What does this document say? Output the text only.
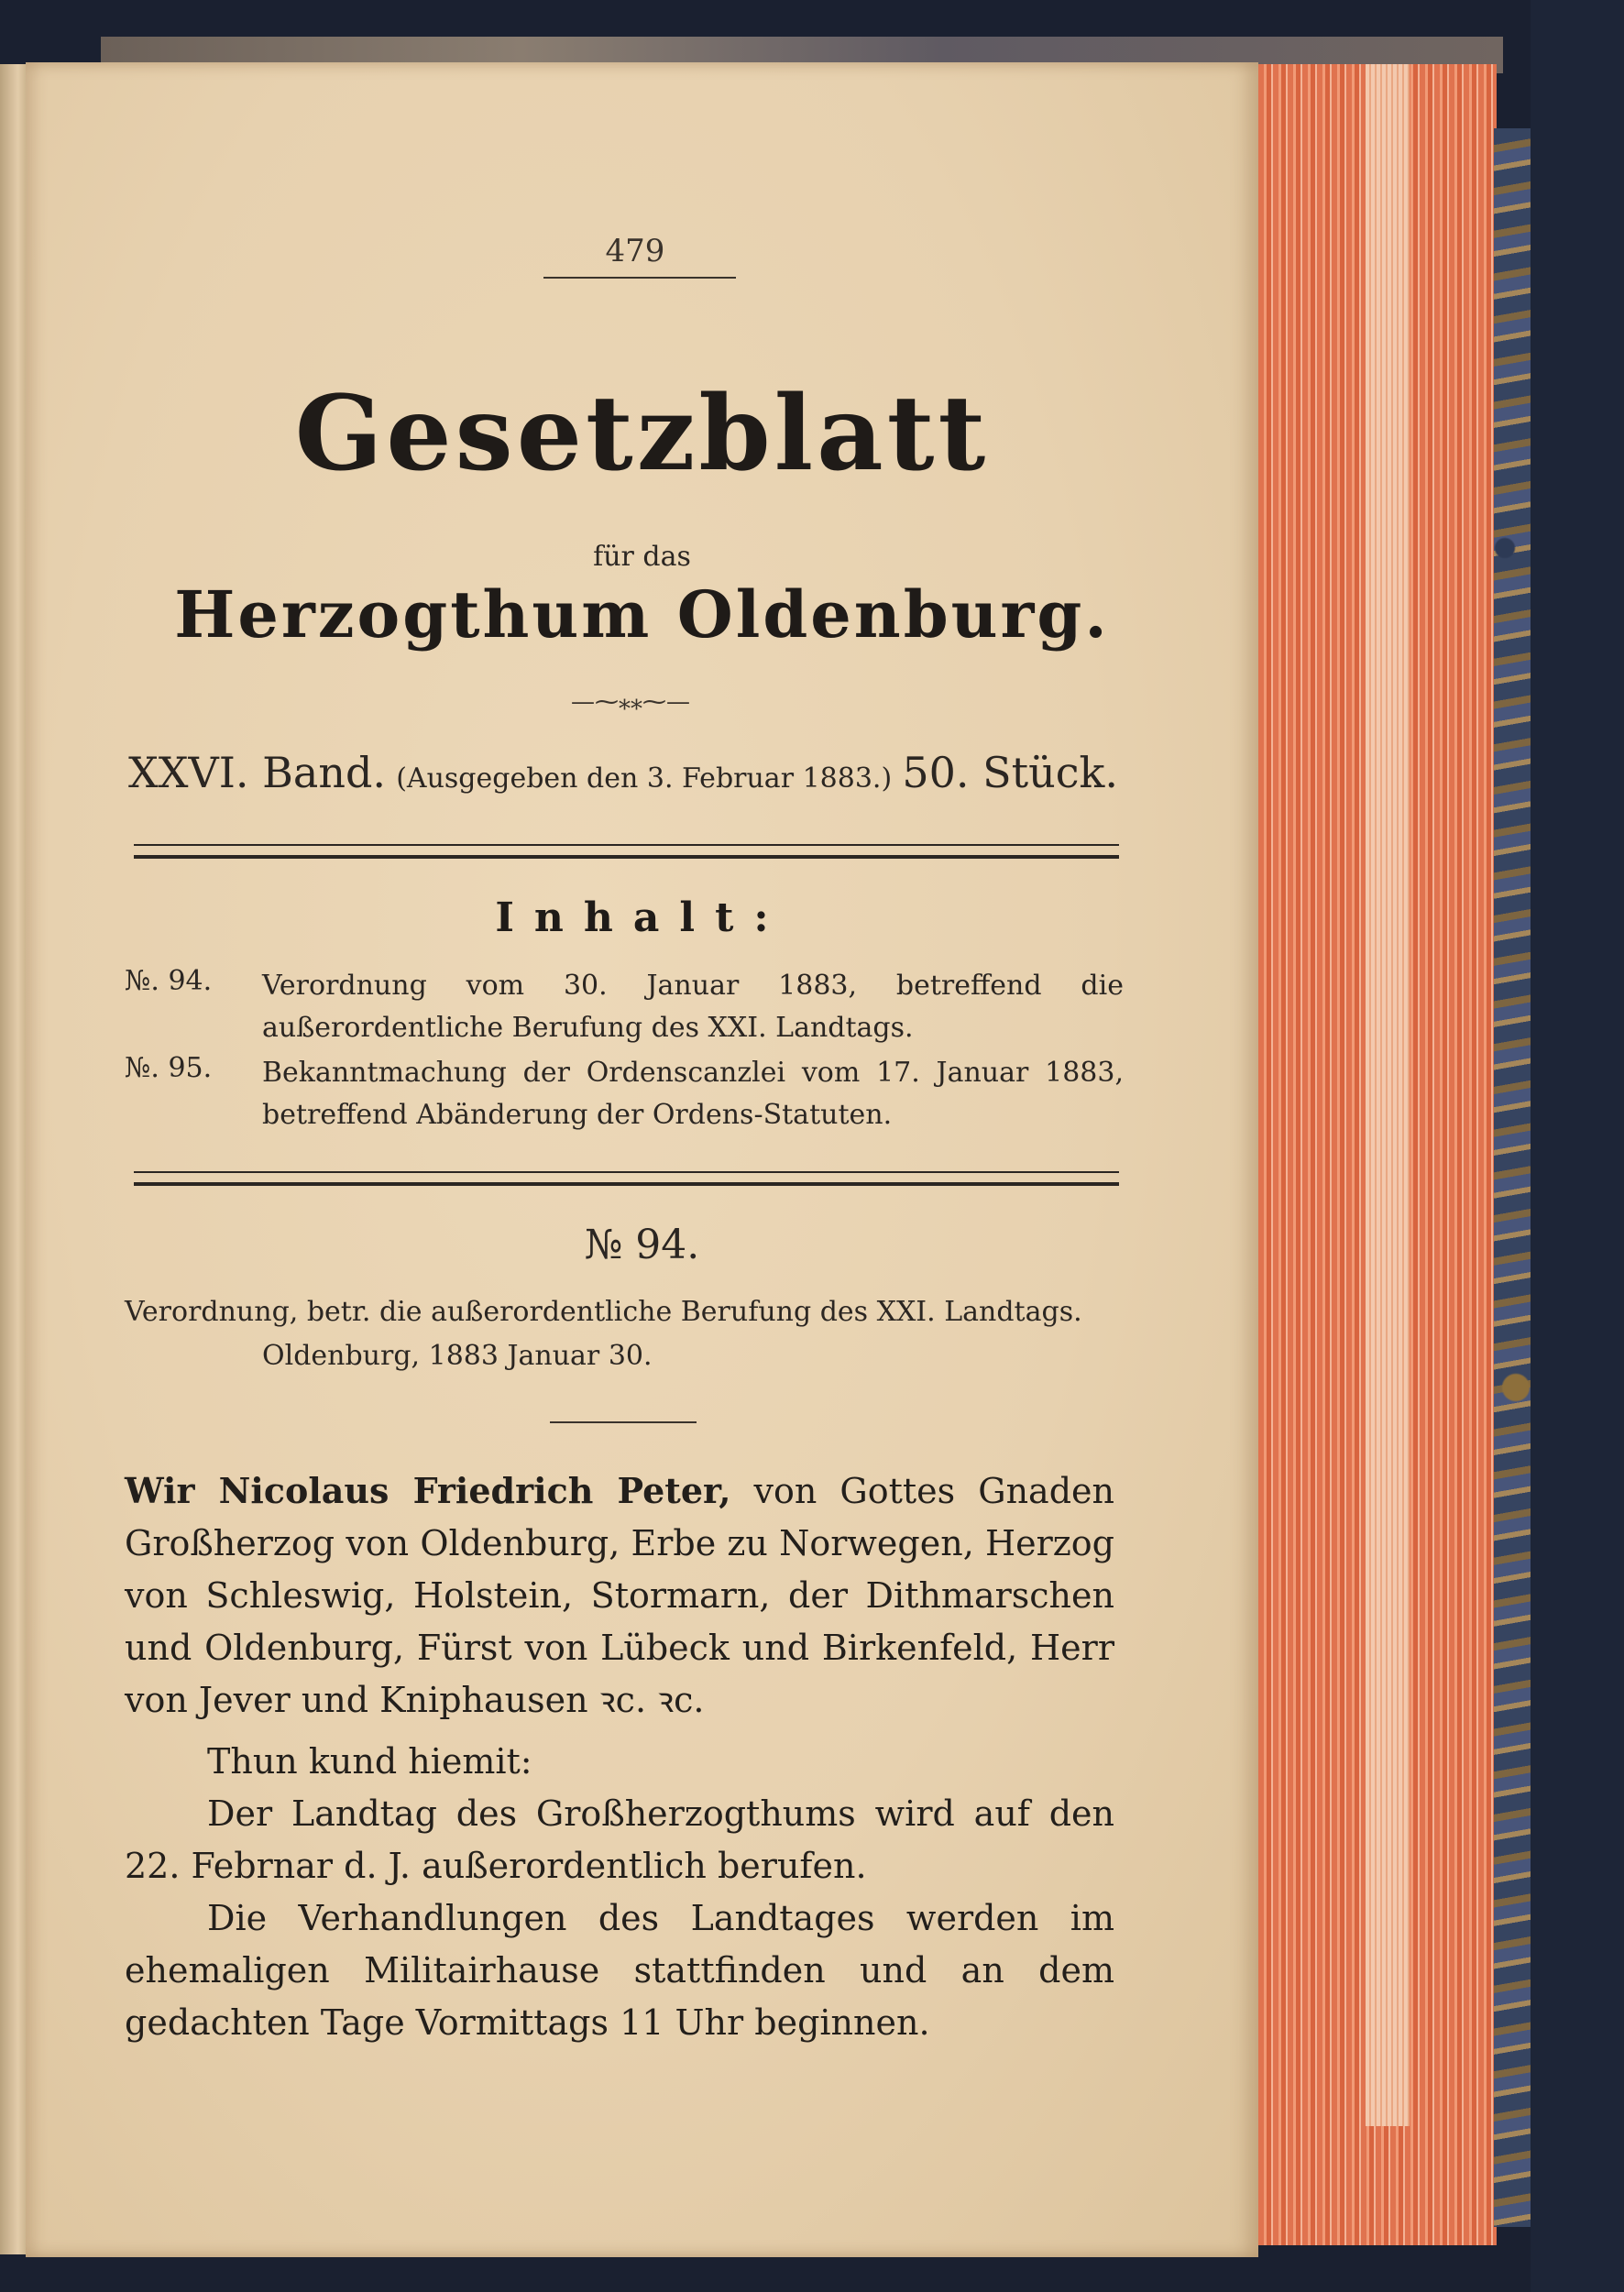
479
Gesetzblatt
für das
Herzogthum Oldenburg.
—⁓⁎⁎⁓—
XXVI. Band. (Ausgegeben den 3. Februar 1883.) 50. Stück.
Inhalt:
№. 94.	Verordnung vom 30. Januar 1883, betreffend die außerordentliche Berufung des XXI. Landtags.
№. 95.	Bekanntmachung der Ordenscanzlei vom 17. Januar 1883, betreffend Abänderung der Ordens-Statuten.
№ 94.
Verordnung, betr. die außerordentliche Berufung des XXI. Landtags.
Oldenburg, 1883 Januar 30.
Wir Nicolaus Friedrich Peter, von Gottes Gnaden Großherzog von Oldenburg, Erbe zu Norwegen, Herzog von Schleswig, Holstein, Stormarn, der Dithmarschen und Oldenburg, Fürst von Lübeck und Birkenfeld, Herr von Jever und Kniphausen ꝛc. ꝛc.
Thun kund hiemit:
Der Landtag des Großherzogthums wird auf den 22. Febrnar d. J. außerordentlich berufen.
Die Verhandlungen des Landtages werden im ehemaligen Militairhause stattfinden und an dem gedachten Tage Vormittags 11 Uhr beginnen.
